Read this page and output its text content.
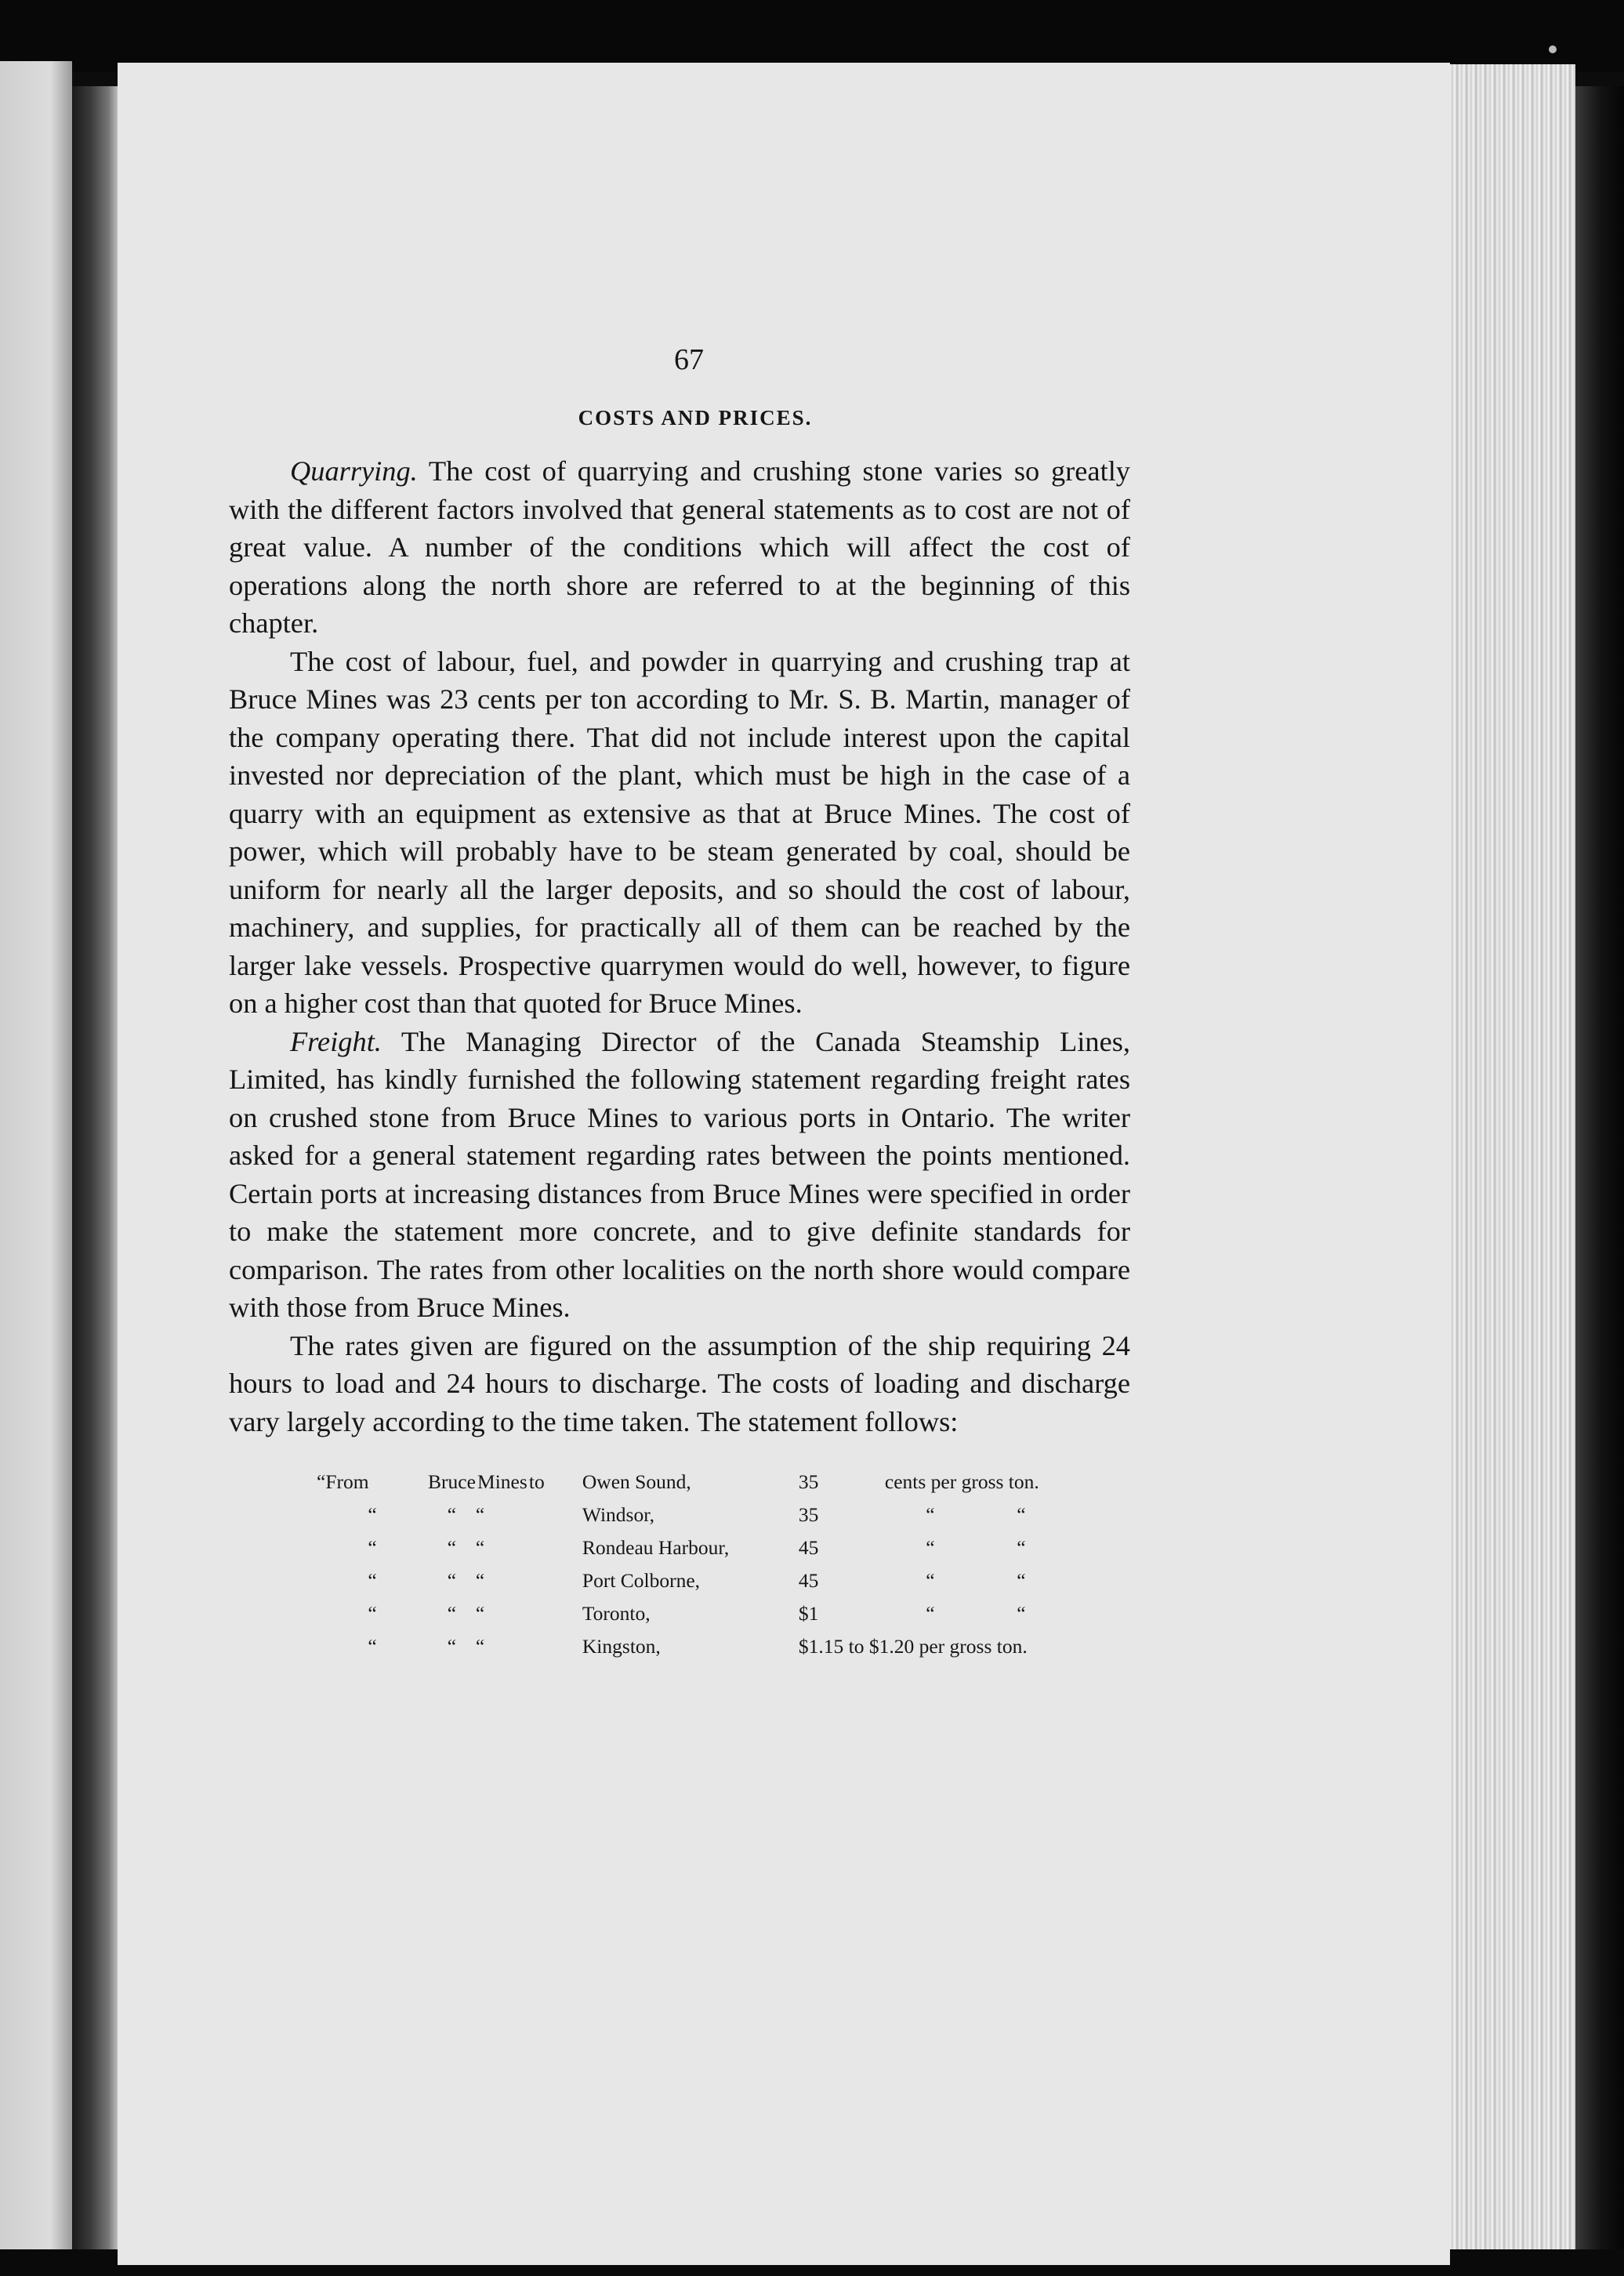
67
COSTS AND PRICES.

Quarrying. The cost of quarrying and crushing stone varies so greatly with the different factors involved that general statements as to cost are not of great value. A number of the conditions which will affect the cost of operations along the north shore are referred to at the beginning of this chapter.

The cost of labour, fuel, and powder in quarrying and crushing trap at Bruce Mines was 23 cents per ton according to Mr. S. B. Martin, manager of the company operating there. That did not include interest upon the capital invested nor depreciation of the plant, which must be high in the case of a quarry with an equipment as extensive as that at Bruce Mines. The cost of power, which will probably have to be steam generated by coal, should be uniform for nearly all the larger deposits, and so should the cost of labour, machinery, and supplies, for practically all of them can be reached by the larger lake vessels. Prospective quarrymen would do well, however, to figure on a higher cost than that quoted for Bruce Mines.

Freight. The Managing Director of the Canada Steamship Lines, Limited, has kindly furnished the following statement regarding freight rates on crushed stone from Bruce Mines to various ports in Ontario. The writer asked for a general statement regarding rates between the points mentioned. Certain ports at increasing distances from Bruce Mines were specified in order to make the statement more concrete, and to give definite standards for comparison. The rates from other localities on the north shore would compare with those from Bruce Mines.

The rates given are figured on the assumption of the ship requiring 24 hours to load and 24 hours to discharge. The costs of loading and discharge vary largely according to the time taken. The statement follows:

“From	Bruce	Mines	to	Owen Sound,	35	cents per gross ton.
“	“	“		Windsor,	35	“ “
“	“	“		Rondeau Harbour,	45	“ “
“	“	“		Port Colborne,	45	“ “
“	“	“		Toronto,	$1	“ “
“	“	“		Kingston,	$1.15 to $1.20 per gross ton.	
